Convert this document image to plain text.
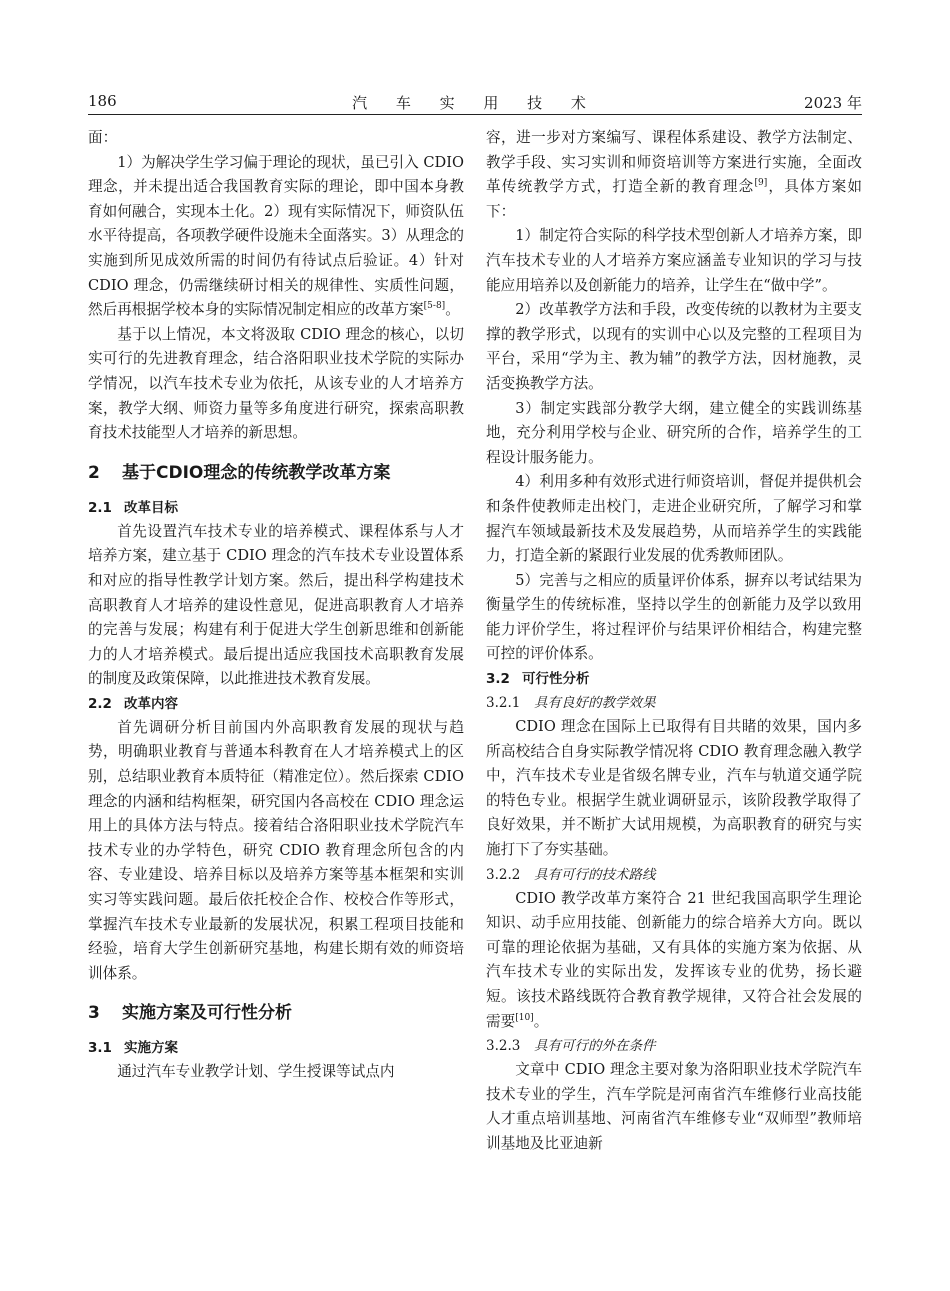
186	汽 车 实 用 技 术	2023 年

面：

1）为解决学生学习偏于理论的现状，虽已引入 CDIO 理念，并未提出适合我国教育实际的理论，即中国本身教育如何融合，实现本土化。2）现有实际情况下，师资队伍水平待提高，各项教学硬件设施未全面落实。3）从理念的实施到所见成效所需的时间仍有待试点后验证。4）针对 CDIO 理念，仍需继续研讨相关的规律性、实质性问题，然后再根据学校本身的实际情况制定相应的改革方案[5-8]。

基于以上情况，本文将汲取 CDIO 理念的核心，以切实可行的先进教育理念，结合洛阳职业技术学院的实际办学情况，以汽车技术专业为依托，从该专业的人才培养方案，教学大纲、师资力量等多角度进行研究，探索高职教育技术技能型人才培养的新思想。

2 基于CDIO理念的传统教学改革方案
2.1 改革目标

首先设置汽车技术专业的培养模式、课程体系与人才培养方案，建立基于 CDIO 理念的汽车技术专业设置体系和对应的指导性教学计划方案。然后，提出科学构建技术高职教育人才培养的建设性意见，促进高职教育人才培养的完善与发展；构建有利于促进大学生创新思维和创新能力的人才培养模式。最后提出适应我国技术高职教育发展的制度及政策保障，以此推进技术教育发展。

2.2 改革内容

首先调研分析目前国内外高职教育发展的现状与趋势，明确职业教育与普通本科教育在人才培养模式上的区别，总结职业教育本质特征（精准定位）。然后探索 CDIO 理念的内涵和结构框架，研究国内各高校在 CDIO 理念运用上的具体方法与特点。接着结合洛阳职业技术学院汽车技术专业的办学特色，研究 CDIO 教育理念所包含的内容、专业建设、培养目标以及培养方案等基本框架和实训实习等实践问题。最后依托校企合作、校校合作等形式，掌握汽车技术专业最新的发展状况，积累工程项目技能和经验，培育大学生创新研究基地，构建长期有效的师资培训体系。

3 实施方案及可行性分析
3.1 实施方案

通过汽车专业教学计划、学生授课等试点内

容，进一步对方案编写、课程体系建设、教学方法制定、教学手段、实习实训和师资培训等方案进行实施，全面改革传统教学方式，打造全新的教育理念[9]，具体方案如下：

1）制定符合实际的科学技术型创新人才培养方案，即汽车技术专业的人才培养方案应涵盖专业知识的学习与技能应用培养以及创新能力的培养，让学生在“做中学”。

2）改革教学方法和手段，改变传统的以教材为主要支撑的教学形式，以现有的实训中心以及完整的工程项目为平台，采用“学为主、教为辅”的教学方法，因材施教，灵活变换教学方法。

3）制定实践部分教学大纲，建立健全的实践训练基地，充分利用学校与企业、研究所的合作，培养学生的工程设计服务能力。

4）利用多种有效形式进行师资培训，督促并提供机会和条件使教师走出校门，走进企业研究所，了解学习和掌握汽车领域最新技术及发展趋势，从而培养学生的实践能力，打造全新的紧跟行业发展的优秀教师团队。

5）完善与之相应的质量评价体系，摒弃以考试结果为衡量学生的传统标准，坚持以学生的创新能力及学以致用能力评价学生，将过程评价与结果评价相结合，构建完整可控的评价体系。

3.2 可行性分析
3.2.1 具有良好的教学效果

CDIO 理念在国际上已取得有目共睹的效果，国内多所高校结合自身实际教学情况将 CDIO 教育理念融入教学中，汽车技术专业是省级名牌专业，汽车与轨道交通学院的特色专业。根据学生就业调研显示，该阶段教学取得了良好效果，并不断扩大试用规模，为高职教育的研究与实施打下了夯实基础。

3.2.2 具有可行的技术路线

CDIO 教学改革方案符合 21 世纪我国高职学生理论知识、动手应用技能、创新能力的综合培养大方向。既以可靠的理论依据为基础，又有具体的实施方案为依据、从汽车技术专业的实际出发，发挥该专业的优势，扬长避短。该技术路线既符合教育教学规律，又符合社会发展的需要[10]。

3.2.3 具有可行的外在条件

文章中 CDIO 理念主要对象为洛阳职业技术学院汽车技术专业的学生，汽车学院是河南省汽车维修行业高技能人才重点培训基地、河南省汽车维修专业“双师型”教师培训基地及比亚迪新
